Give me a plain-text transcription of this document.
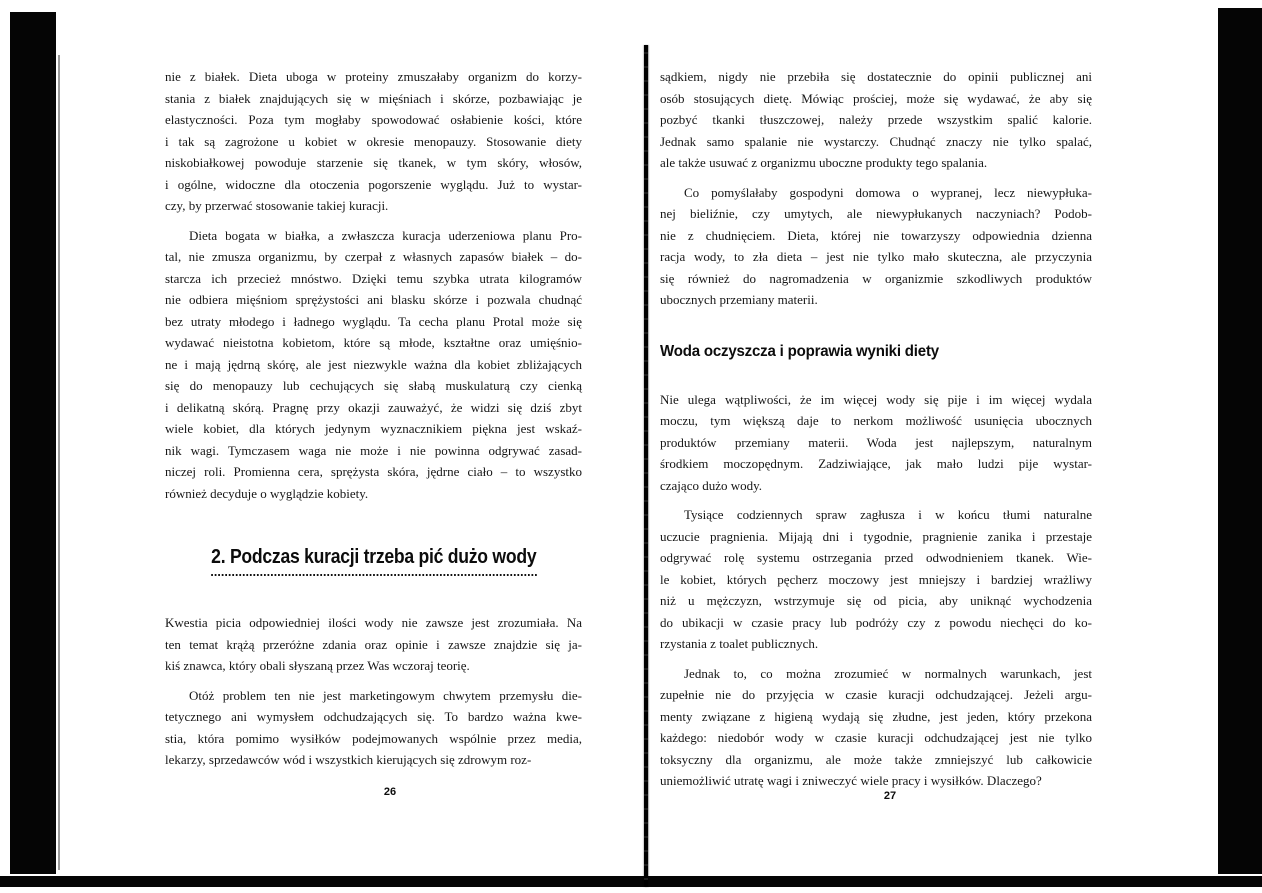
nie z białek. Dieta uboga w proteiny zmuszałaby organizm do korzy-
stania z białek znajdujących się w mięśniach i skórze, pozbawiając je
elastyczności. Poza tym mogłaby spowodować osłabienie kości, które
i tak są zagrożone u kobiet w okresie menopauzy. Stosowanie diety
niskobiałkowej powoduje starzenie się tkanek, w tym skóry, włosów,
i ogólne, widoczne dla otoczenia pogorszenie wyglądu. Już to wystar-
czy, by przerwać stosowanie takiej kuracji.
Dieta bogata w białka, a zwłaszcza kuracja uderzeniowa planu Pro-
tal, nie zmusza organizmu, by czerpał z własnych zapasów białek – do-
starcza ich przecież mnóstwo. Dzięki temu szybka utrata kilogramów
nie odbiera mięśniom sprężystości ani blasku skórze i pozwala chudnąć
bez utraty młodego i ładnego wyglądu. Ta cecha planu Protal może się
wydawać nieistotna kobietom, które są młode, kształtne oraz umięśnio-
ne i mają jędrną skórę, ale jest niezwykle ważna dla kobiet zbliżających
się do menopauzy lub cechujących się słabą muskulaturą czy cienką
i delikatną skórą. Pragnę przy okazji zauważyć, że widzi się dziś zbyt
wiele kobiet, dla których jedynym wyznacznikiem piękna jest wskaź-
nik wagi. Tymczasem waga nie może i nie powinna odgrywać zasad-
niczej roli. Promienna cera, sprężysta skóra, jędrne ciało – to wszystko
również decyduje o wyglądzie kobiety.
2. Podczas kuracji trzeba pić dużo wody
Kwestia picia odpowiedniej ilości wody nie zawsze jest zrozumiała. Na
ten temat krążą przeróżne zdania oraz opinie i zawsze znajdzie się ja-
kiś znawca, który obali słyszaną przez Was wczoraj teorię.
Otóż problem ten nie jest marketingowym chwytem przemysłu die-
tetycznego ani wymysłem odchudzających się. To bardzo ważna kwe-
stia, która pomimo wysiłków podejmowanych wspólnie przez media,
lekarzy, sprzedawców wód i wszystkich kierujących się zdrowym roz-
sądkiem, nigdy nie przebiła się dostatecznie do opinii publicznej ani
osób stosujących dietę. Mówiąc prościej, może się wydawać, że aby się
pozbyć tkanki tłuszczowej, należy przede wszystkim spalić kalorie.
Jednak samo spalanie nie wystarczy. Chudnąć znaczy nie tylko spalać,
ale także usuwać z organizmu uboczne produkty tego spalania.
Co pomyślałaby gospodyni domowa o wypranej, lecz niewypłuka-
nej bieliźnie, czy umytych, ale niewypłukanych naczyniach? Podob-
nie z chudnięciem. Dieta, której nie towarzyszy odpowiednia dzienna
racja wody, to zła dieta – jest nie tylko mało skuteczna, ale przyczynia
się również do nagromadzenia w organizmie szkodliwych produktów
ubocznych przemiany materii.
Woda oczyszcza i poprawia wyniki diety
Nie ulega wątpliwości, że im więcej wody się pije i im więcej wydala
moczu, tym większą daje to nerkom możliwość usunięcia ubocznych
produktów przemiany materii. Woda jest najlepszym, naturalnym
środkiem moczopędnym. Zadziwiające, jak mało ludzi pije wystar-
czająco dużo wody.
Tysiące codziennych spraw zagłusza i w końcu tłumi naturalne
uczucie pragnienia. Mijają dni i tygodnie, pragnienie zanika i przestaje
odgrywać rolę systemu ostrzegania przed odwodnieniem tkanek. Wie-
le kobiet, których pęcherz moczowy jest mniejszy i bardziej wrażliwy
niż u mężczyzn, wstrzymuje się od picia, aby uniknąć wychodzenia
do ubikacji w czasie pracy lub podróży czy z powodu niechęci do ko-
rzystania z toalet publicznych.
Jednak to, co można zrozumieć w normalnych warunkach, jest
zupełnie nie do przyjęcia w czasie kuracji odchudzającej. Jeżeli argu-
menty związane z higieną wydają się złudne, jest jeden, który przekona
każdego: niedobór wody w czasie kuracji odchudzającej jest nie tylko
toksyczny dla organizmu, ale może także zmniejszyć lub całkowicie
uniemożliwić utratę wagi i zniweczyć wiele pracy i wysiłków. Dlaczego?
26	27
